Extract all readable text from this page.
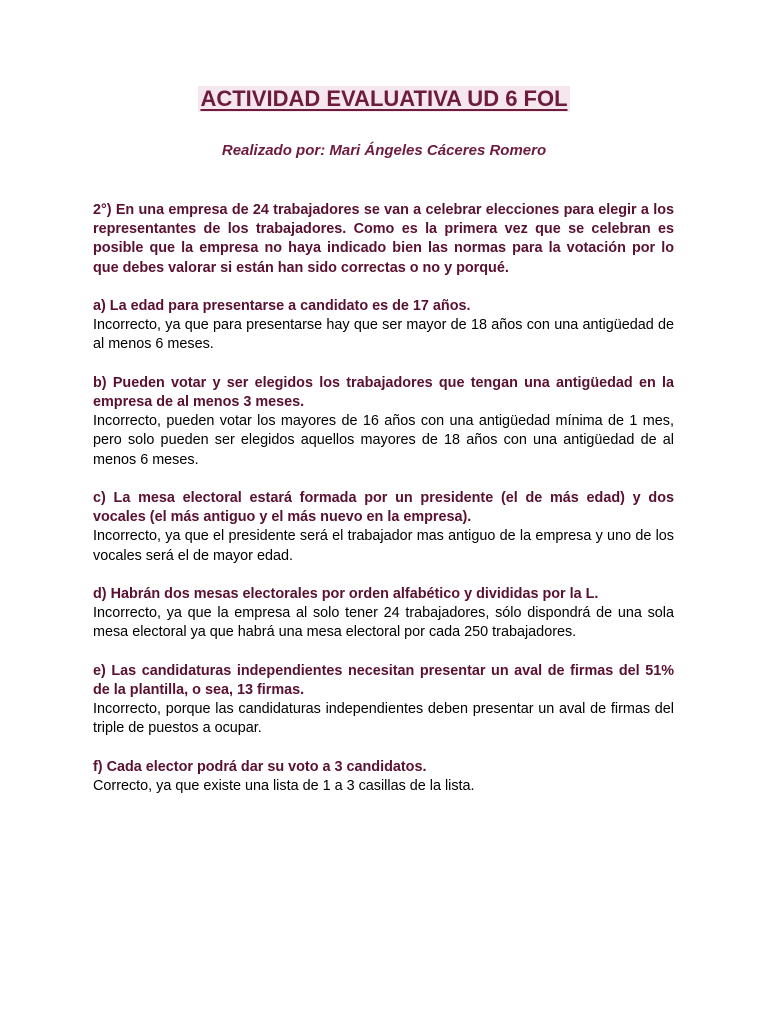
ACTIVIDAD EVALUATIVA UD 6 FOL
Realizado por: Mari Ángeles Cáceres Romero
2°) En una empresa de 24 trabajadores se van a celebrar elecciones para elegir a los representantes de los trabajadores. Como es la primera vez que se celebran es posible que la empresa no haya indicado bien las normas para la votación por lo que debes valorar si están han sido correctas o no y porqué.
a) La edad para presentarse a candidato es de 17 años.
Incorrecto, ya que para presentarse hay que ser mayor de 18 años con una antigüedad de al menos 6 meses.
b) Pueden votar y ser elegidos los trabajadores que tengan una antigüedad en la empresa de al menos 3 meses.
Incorrecto, pueden votar los mayores de 16 años con una antigüedad mínima de 1 mes, pero solo pueden ser elegidos aquellos mayores de 18 años con una antigüedad de al menos 6 meses.
c) La mesa electoral estará formada por un presidente (el de más edad) y dos vocales (el más antiguo y el más nuevo en la empresa).
Incorrecto, ya que el presidente será el trabajador mas antiguo de la empresa y uno de los vocales será el de mayor edad.
d) Habrán dos mesas electorales por orden alfabético y divididas por la L.
Incorrecto, ya que la empresa al solo tener 24 trabajadores, sólo dispondrá de una sola mesa electoral ya que habrá una mesa electoral por cada 250 trabajadores.
e) Las candidaturas independientes necesitan presentar un aval de firmas del 51% de la plantilla, o sea, 13 firmas.
Incorrecto, porque las candidaturas independientes deben presentar un aval de firmas del triple de puestos a ocupar.
f) Cada elector podrá dar su voto a 3 candidatos.
Correcto, ya que existe una lista de 1 a 3 casillas de la lista.
